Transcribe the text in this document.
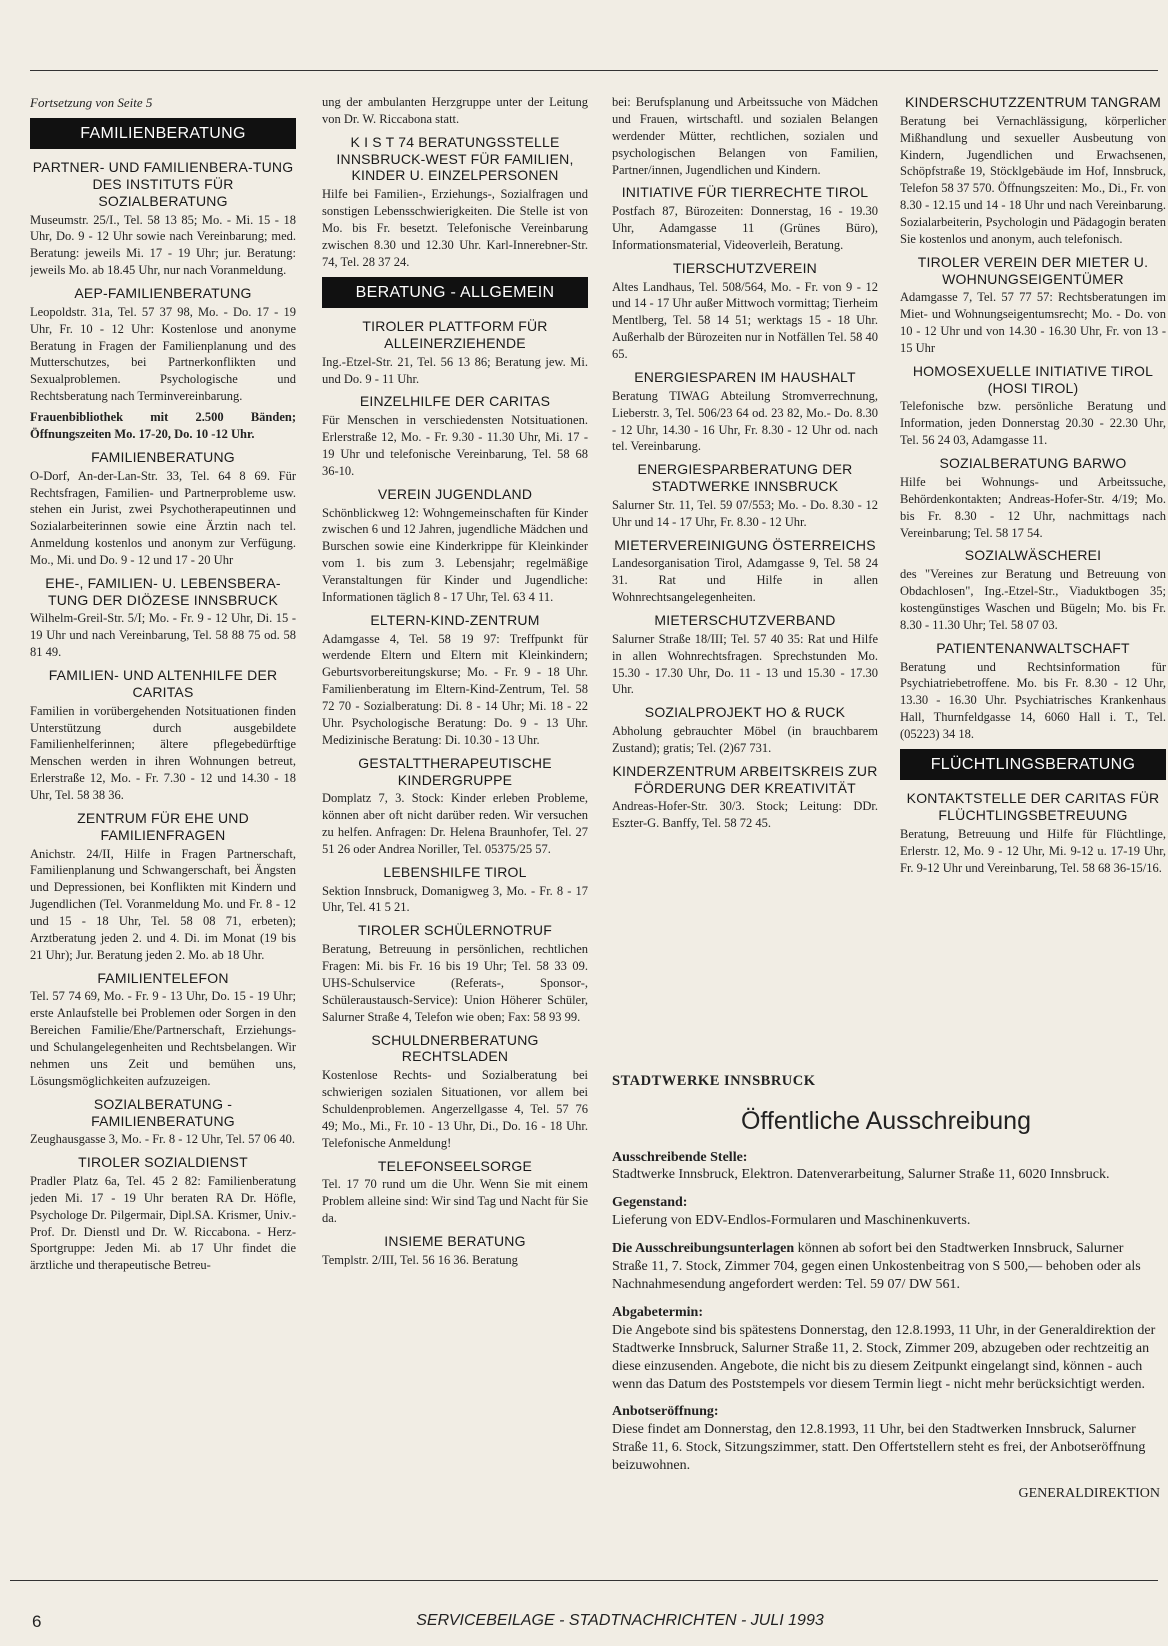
Fortsetzung von Seite 5

FAMILIENBERATUNG
PARTNER- UND FAMILIENBERA-TUNG DES INSTITUTS FÜR SOZIALBERATUNG

Museumstr. 25/I., Tel. 58 13 85; Mo. - Mi. 15 - 18 Uhr, Do. 9 - 12 Uhr sowie nach Vereinbarung; med. Beratung: jeweils Mi. 17 - 19 Uhr; jur. Beratung: jeweils Mo. ab 18.45 Uhr, nur nach Voranmeldung.

AEP-FAMILIENBERATUNG

Leopoldstr. 31a, Tel. 57 37 98, Mo. - Do. 17 - 19 Uhr, Fr. 10 - 12 Uhr: Kostenlose und anonyme Beratung in Fragen der Familienplanung und des Mutterschutzes, bei Partnerkonflikten und Sexualproblemen. Psychologische und Rechtsberatung nach Terminvereinbarung.

Frauenbibliothek mit 2.500 Bänden; Öffnungszeiten Mo. 17-20, Do. 10 -12 Uhr.

FAMILIENBERATUNG

O-Dorf, An-der-Lan-Str. 33, Tel. 64 8 69. Für Rechtsfragen, Familien- und Partnerprobleme usw. stehen ein Jurist, zwei Psychotherapeutinnen und Sozialarbeiterinnen sowie eine Ärztin nach tel. Anmeldung kostenlos und anonym zur Verfügung. Mo., Mi. und Do. 9 - 12 und 17 - 20 Uhr

EHE-, FAMILIEN- U. LEBENSBERA-TUNG DER DIÖZESE INNSBRUCK

Wilhelm-Greil-Str. 5/I; Mo. - Fr. 9 - 12 Uhr, Di. 15 - 19 Uhr und nach Vereinbarung, Tel. 58 88 75 od. 58 81 49.

FAMILIEN- UND ALTENHILFE DER CARITAS

Familien in vorübergehenden Notsituationen finden Unterstützung durch ausgebildete Familienhelferinnen; ältere pflegebedürftige Menschen werden in ihren Wohnungen betreut, Erlerstraße 12, Mo. - Fr. 7.30 - 12 und 14.30 - 18 Uhr, Tel. 58 38 36.

ZENTRUM FÜR EHE UND FAMILIENFRAGEN

Anichstr. 24/II, Hilfe in Fragen Partnerschaft, Familienplanung und Schwangerschaft, bei Ängsten und Depressionen, bei Konflikten mit Kindern und Jugendlichen (Tel. Voranmeldung Mo. und Fr. 8 - 12 und 15 - 18 Uhr, Tel. 58 08 71, erbeten); Arztberatung jeden 2. und 4. Di. im Monat (19 bis 21 Uhr); Jur. Beratung jeden 2. Mo. ab 18 Uhr.

FAMILIENTELEFON

Tel. 57 74 69, Mo. - Fr. 9 - 13 Uhr, Do. 15 - 19 Uhr; erste Anlaufstelle bei Problemen oder Sorgen in den Bereichen Familie/Ehe/Partnerschaft, Erziehungs- und Schulangelegenheiten und Rechtsbelangen. Wir nehmen uns Zeit und bemühen uns, Lösungsmöglichkeiten aufzuzeigen.

SOZIALBERATUNG - FAMILIENBERATUNG

Zeughausgasse 3, Mo. - Fr. 8 - 12 Uhr, Tel. 57 06 40.

TIROLER SOZIALDIENST

Pradler Platz 6a, Tel. 45 2 82: Familienberatung jeden Mi. 17 - 19 Uhr beraten RA Dr. Höfle, Psychologe Dr. Pilgermair, Dipl.SA. Krismer, Univ.-Prof. Dr. Dienstl und Dr. W. Riccabona. - Herz-Sportgruppe: Jeden Mi. ab 17 Uhr findet die ärztliche und therapeutische Betreu-

ung der ambulanten Herzgruppe unter der Leitung von Dr. W. Riccabona statt.

K I S T 74 BERATUNGSSTELLE INNSBRUCK-WEST FÜR FAMILIEN, KINDER U. EINZELPERSONEN

Hilfe bei Familien-, Erziehungs-, Sozialfragen und sonstigen Lebensschwierigkeiten. Die Stelle ist von Mo. bis Fr. besetzt. Telefonische Vereinbarung zwischen 8.30 und 12.30 Uhr. Karl-Innerebner-Str. 74, Tel. 28 37 24.

BERATUNG - ALLGEMEIN
TIROLER PLATTFORM FÜR ALLEINERZIEHENDE

Ing.-Etzel-Str. 21, Tel. 56 13 86; Beratung jew. Mi. und Do. 9 - 11 Uhr.

EINZELHILFE DER CARITAS

Für Menschen in verschiedensten Notsituationen. Erlerstraße 12, Mo. - Fr. 9.30 - 11.30 Uhr, Mi. 17 - 19 Uhr und telefonische Vereinbarung, Tel. 58 68 36-10.

VEREIN JUGENDLAND

Schönblickweg 12: Wohngemeinschaften für Kinder zwischen 6 und 12 Jahren, jugendliche Mädchen und Burschen sowie eine Kinderkrippe für Kleinkinder vom 1. bis zum 3. Lebensjahr; regelmäßige Veranstaltungen für Kinder und Jugendliche: Informationen täglich 8 - 17 Uhr, Tel. 63 4 11.

ELTERN-KIND-ZENTRUM

Adamgasse 4, Tel. 58 19 97: Treffpunkt für werdende Eltern und Eltern mit Kleinkindern; Geburtsvorbereitungskurse; Mo. - Fr. 9 - 18 Uhr. Familienberatung im Eltern-Kind-Zentrum, Tel. 58 72 70 - Sozialberatung: Di. 8 - 14 Uhr; Mi. 18 - 22 Uhr. Psychologische Beratung: Do. 9 - 13 Uhr. Medizinische Beratung: Di. 10.30 - 13 Uhr.

GESTALTTHERAPEUTISCHE KINDERGRUPPE

Domplatz 7, 3. Stock: Kinder erleben Probleme, können aber oft nicht darüber reden. Wir versuchen zu helfen. Anfragen: Dr. Helena Braunhofer, Tel. 27 51 26 oder Andrea Noriller, Tel. 05375/25 57.

LEBENSHILFE TIROL

Sektion Innsbruck, Domanigweg 3, Mo. - Fr. 8 - 17 Uhr, Tel. 41 5 21.

TIROLER SCHÜLERNOTRUF

Beratung, Betreuung in persönlichen, rechtlichen Fragen: Mi. bis Fr. 16 bis 19 Uhr; Tel. 58 33 09. UHS-Schulservice (Referats-, Sponsor-, Schüleraustausch-Service): Union Höherer Schüler, Salurner Straße 4, Telefon wie oben; Fax: 58 93 99.

SCHULDNERBERATUNG RECHTSLADEN

Kostenlose Rechts- und Sozialberatung bei schwierigen sozialen Situationen, vor allem bei Schuldenproblemen. Angerzellgasse 4, Tel. 57 76 49; Mo., Mi., Fr. 10 - 13 Uhr, Di., Do. 16 - 18 Uhr. Telefonische Anmeldung!

TELEFONSEELSORGE

Tel. 17 70 rund um die Uhr. Wenn Sie mit einem Problem alleine sind: Wir sind Tag und Nacht für Sie da.

INSIEME BERATUNG

Templstr. 2/III, Tel. 56 16 36. Beratung

bei: Berufsplanung und Arbeitssuche von Mädchen und Frauen, wirtschaftl. und sozialen Belangen werdender Mütter, rechtlichen, sozialen und psychologischen Belangen von Familien, Partner/innen, Jugendlichen und Kindern.

INITIATIVE FÜR TIERRECHTE TIROL

Postfach 87, Bürozeiten: Donnerstag, 16 - 19.30 Uhr, Adamgasse 11 (Grünes Büro), Informationsmaterial, Videoverleih, Beratung.

TIERSCHUTZVEREIN

Altes Landhaus, Tel. 508/564, Mo. - Fr. von 9 - 12 und 14 - 17 Uhr außer Mittwoch vormittag; Tierheim Mentlberg, Tel. 58 14 51; werktags 15 - 18 Uhr. Außerhalb der Bürozeiten nur in Notfällen Tel. 58 40 65.

ENERGIESPAREN IM HAUSHALT

Beratung TIWAG Abteilung Stromverrechnung, Lieberstr. 3, Tel. 506/23 64 od. 23 82, Mo.- Do. 8.30 - 12 Uhr, 14.30 - 16 Uhr, Fr. 8.30 - 12 Uhr od. nach tel. Vereinbarung.

ENERGIESPARBERATUNG DER STADTWERKE INNSBRUCK

Salurner Str. 11, Tel. 59 07/553; Mo. - Do. 8.30 - 12 Uhr und 14 - 17 Uhr, Fr. 8.30 - 12 Uhr.

MIETERVEREINIGUNG ÖSTERREICHS

Landesorganisation Tirol, Adamgasse 9, Tel. 58 24 31. Rat und Hilfe in allen Wohnrechtsangelegenheiten.

MIETERSCHUTZVERBAND

Salurner Straße 18/III; Tel. 57 40 35: Rat und Hilfe in allen Wohnrechtsfragen. Sprechstunden Mo. 15.30 - 17.30 Uhr, Do. 11 - 13 und 15.30 - 17.30 Uhr.

SOZIALPROJEKT HO & RUCK

Abholung gebrauchter Möbel (in brauchbarem Zustand); gratis; Tel. (2)67 731.

KINDERZENTRUM ARBEITSKREIS ZUR FÖRDERUNG DER KREATIVITÄT

Andreas-Hofer-Str. 30/3. Stock; Leitung: DDr. Eszter-G. Banffy, Tel. 58 72 45.

KINDERSCHUTZZENTRUM TANGRAM

Beratung bei Vernachlässigung, körperlicher Mißhandlung und sexueller Ausbeutung von Kindern, Jugendlichen und Erwachsenen, Schöpfstraße 19, Stöcklgebäude im Hof, Innsbruck, Telefon 58 37 570. Öffnungszeiten: Mo., Di., Fr. von 8.30 - 12.15 und 14 - 18 Uhr und nach Vereinbarung. Sozialarbeiterin, Psychologin und Pädagogin beraten Sie kostenlos und anonym, auch telefonisch.

TIROLER VEREIN DER MIETER U. WOHNUNGSEIGENTÜMER

Adamgasse 7, Tel. 57 77 57: Rechtsberatungen im Miet- und Wohnungseigentumsrecht; Mo. - Do. von 10 - 12 Uhr und von 14.30 - 16.30 Uhr, Fr. von 13 - 15 Uhr

HOMOSEXUELLE INITIATIVE TIROL (HOSI TIROL)

Telefonische bzw. persönliche Beratung und Information, jeden Donnerstag 20.30 - 22.30 Uhr, Tel. 56 24 03, Adamgasse 11.

SOZIALBERATUNG BARWO

Hilfe bei Wohnungs- und Arbeitssuche, Behördenkontakten; Andreas-Hofer-Str. 4/19; Mo. bis Fr. 8.30 - 12 Uhr, nachmittags nach Vereinbarung; Tel. 58 17 54.

SOZIALWÄSCHEREI

des "Vereines zur Beratung und Betreuung von Obdachlosen", Ing.-Etzel-Str., Viaduktbogen 35; kostengünstiges Waschen und Bügeln; Mo. bis Fr. 8.30 - 11.30 Uhr; Tel. 58 07 03.

PATIENTENANWALTSCHAFT

Beratung und Rechtsinformation für Psychiatriebetroffene. Mo. bis Fr. 8.30 - 12 Uhr, 13.30 - 16.30 Uhr. Psychiatrisches Krankenhaus Hall, Thurnfeldgasse 14, 6060 Hall i. T., Tel. (05223) 34 18.

FLÜCHTLINGSBERATUNG
KONTAKTSTELLE DER CARITAS FÜR FLÜCHTLINGSBETREUUNG

Beratung, Betreuung und Hilfe für Flüchtlinge, Erlerstr. 12, Mo. 9 - 12 Uhr, Mi. 9-12 u. 17-19 Uhr, Fr. 9-12 Uhr und Vereinbarung, Tel. 58 68 36-15/16.

STADTWERKE INNSBRUCK

Öffentliche Ausschreibung

Ausschreibende Stelle:

Stadtwerke Innsbruck, Elektron. Datenverarbeitung, Salurner Straße 11, 6020 Innsbruck.

Gegenstand:

Lieferung von EDV-Endlos-Formularen und Maschinenkuverts.

Die Ausschreibungsunterlagen können ab sofort bei den Stadtwerken Innsbruck, Salurner Straße 11, 7. Stock, Zimmer 704, gegen einen Unkostenbeitrag von S 500,— behoben oder als Nachnahmesendung angefordert werden: Tel. 59 07/ DW 561.

Abgabetermin:

Die Angebote sind bis spätestens Donnerstag, den 12.8.1993, 11 Uhr, in der Generaldirektion der Stadtwerke Innsbruck, Salurner Straße 11, 2. Stock, Zimmer 209, abzugeben oder rechtzeitig an diese einzusenden. Angebote, die nicht bis zu diesem Zeitpunkt eingelangt sind, können - auch wenn das Datum des Poststempels vor diesem Termin liegt - nicht mehr berücksichtigt werden.

Anbotseröffnung:

Diese findet am Donnerstag, den 12.8.1993, 11 Uhr, bei den Stadtwerken Innsbruck, Salurner Straße 11, 6. Stock, Sitzungszimmer, statt. Den Offertstellern steht es frei, der Anbotseröffnung beizuwohnen.

GENERALDIREKTION

6	SERVICEBEILAGE - STADTNACHRICHTEN - JULI 1993
